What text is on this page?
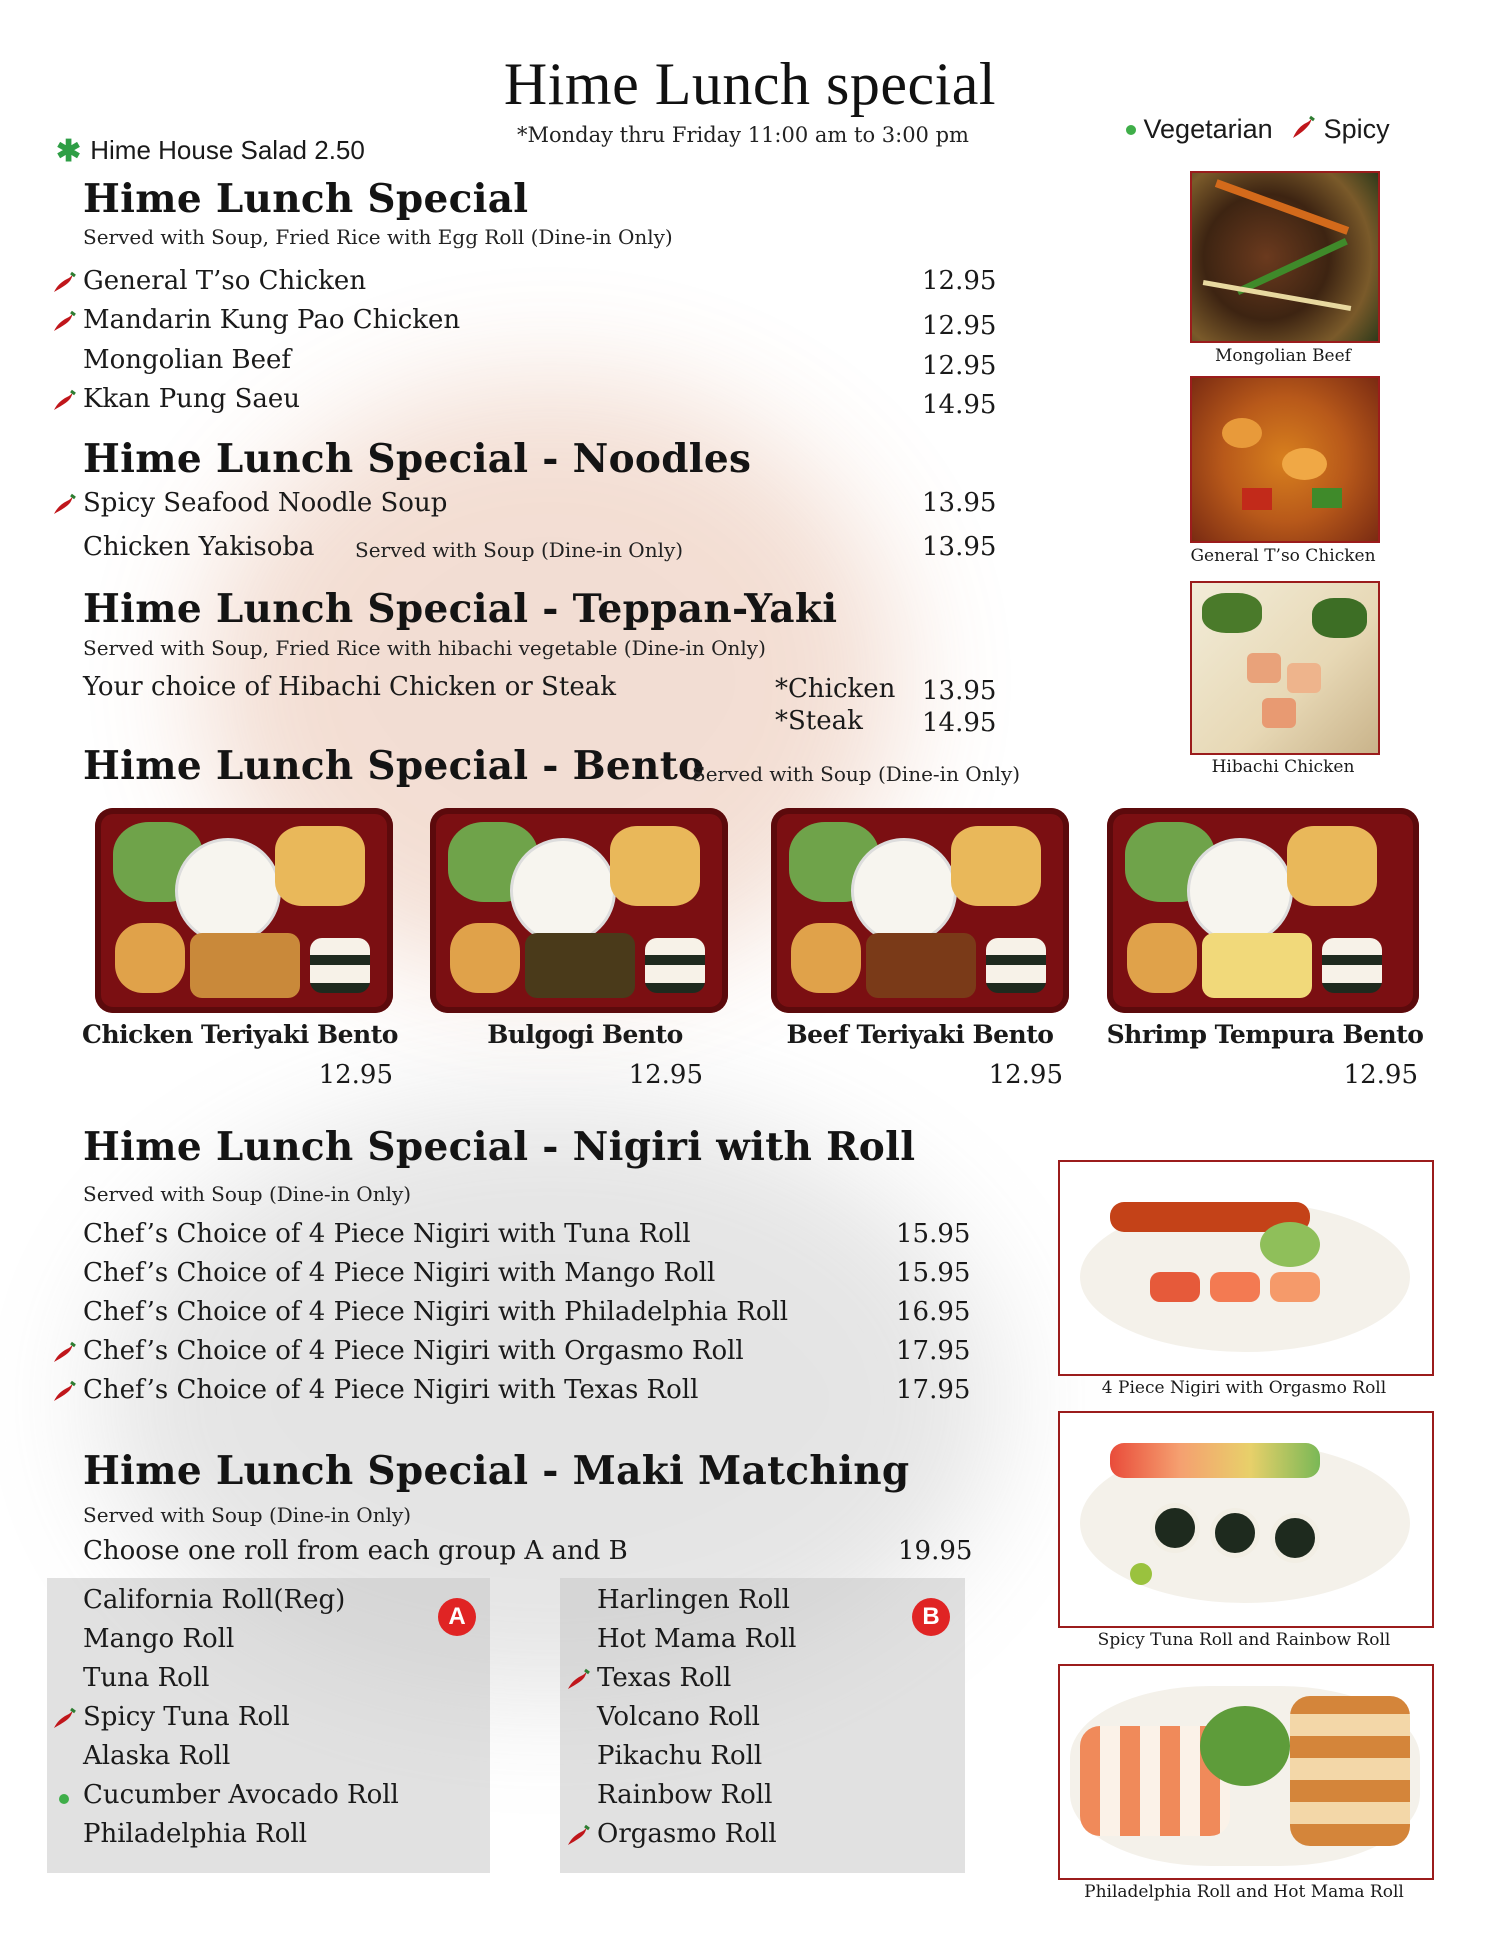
Hime Lunch special
*Monday thru Friday 11:00 am to 3:00 pm
✱ Hime House Salad 2.50
Vegetarian Spicy
Hime Lunch Special
Served with Soup, Fried Rice with Egg Roll (Dine-in Only)
General T’so Chicken	12.95
Mandarin Kung Pao Chicken	12.95
Mongolian Beef	12.95
Kkan Pung Saeu	14.95
Hime Lunch Special - Noodles
Spicy Seafood Noodle Soup	13.95
Chicken Yakisoba Served with Soup (Dine-in Only)	13.95
Hime Lunch Special - Teppan-Yaki
Served with Soup, Fried Rice with hibachi vegetable (Dine-in Only)
Your choice of Hibachi Chicken or Steak	*Chicken 13.95
*Steak 14.95
Hime Lunch Special - Bento
Served with Soup (Dine-in Only)
Chicken Teriyaki Bento
12.95
Bulgogi Bento
12.95
Beef Teriyaki Bento
12.95
Shrimp Tempura Bento
12.95
Hime Lunch Special - Nigiri with Roll
Served with Soup (Dine-in Only)
Chef’s Choice of 4 Piece Nigiri with Tuna Roll	15.95
Chef’s Choice of 4 Piece Nigiri with Mango Roll	15.95
Chef’s Choice of 4 Piece Nigiri with Philadelphia Roll	16.95
Chef’s Choice of 4 Piece Nigiri with Orgasmo Roll	17.95
Chef’s Choice of 4 Piece Nigiri with Texas Roll	17.95
Hime Lunch Special - Maki Matching
Served with Soup (Dine-in Only)
Choose one roll from each group A and B	19.95
A	B
California Roll(Reg)
Mango Roll
Tuna Roll
Spicy Tuna Roll
Alaska Roll
Cucumber Avocado Roll
Philadelphia Roll
Harlingen Roll
Hot Mama Roll
Texas Roll
Volcano Roll
Pikachu Roll
Rainbow Roll
Orgasmo Roll
Mongolian Beef
General T’so Chicken
Hibachi Chicken
4 Piece Nigiri with Orgasmo Roll
Spicy Tuna Roll and Rainbow Roll
Philadelphia Roll and Hot Mama Roll
